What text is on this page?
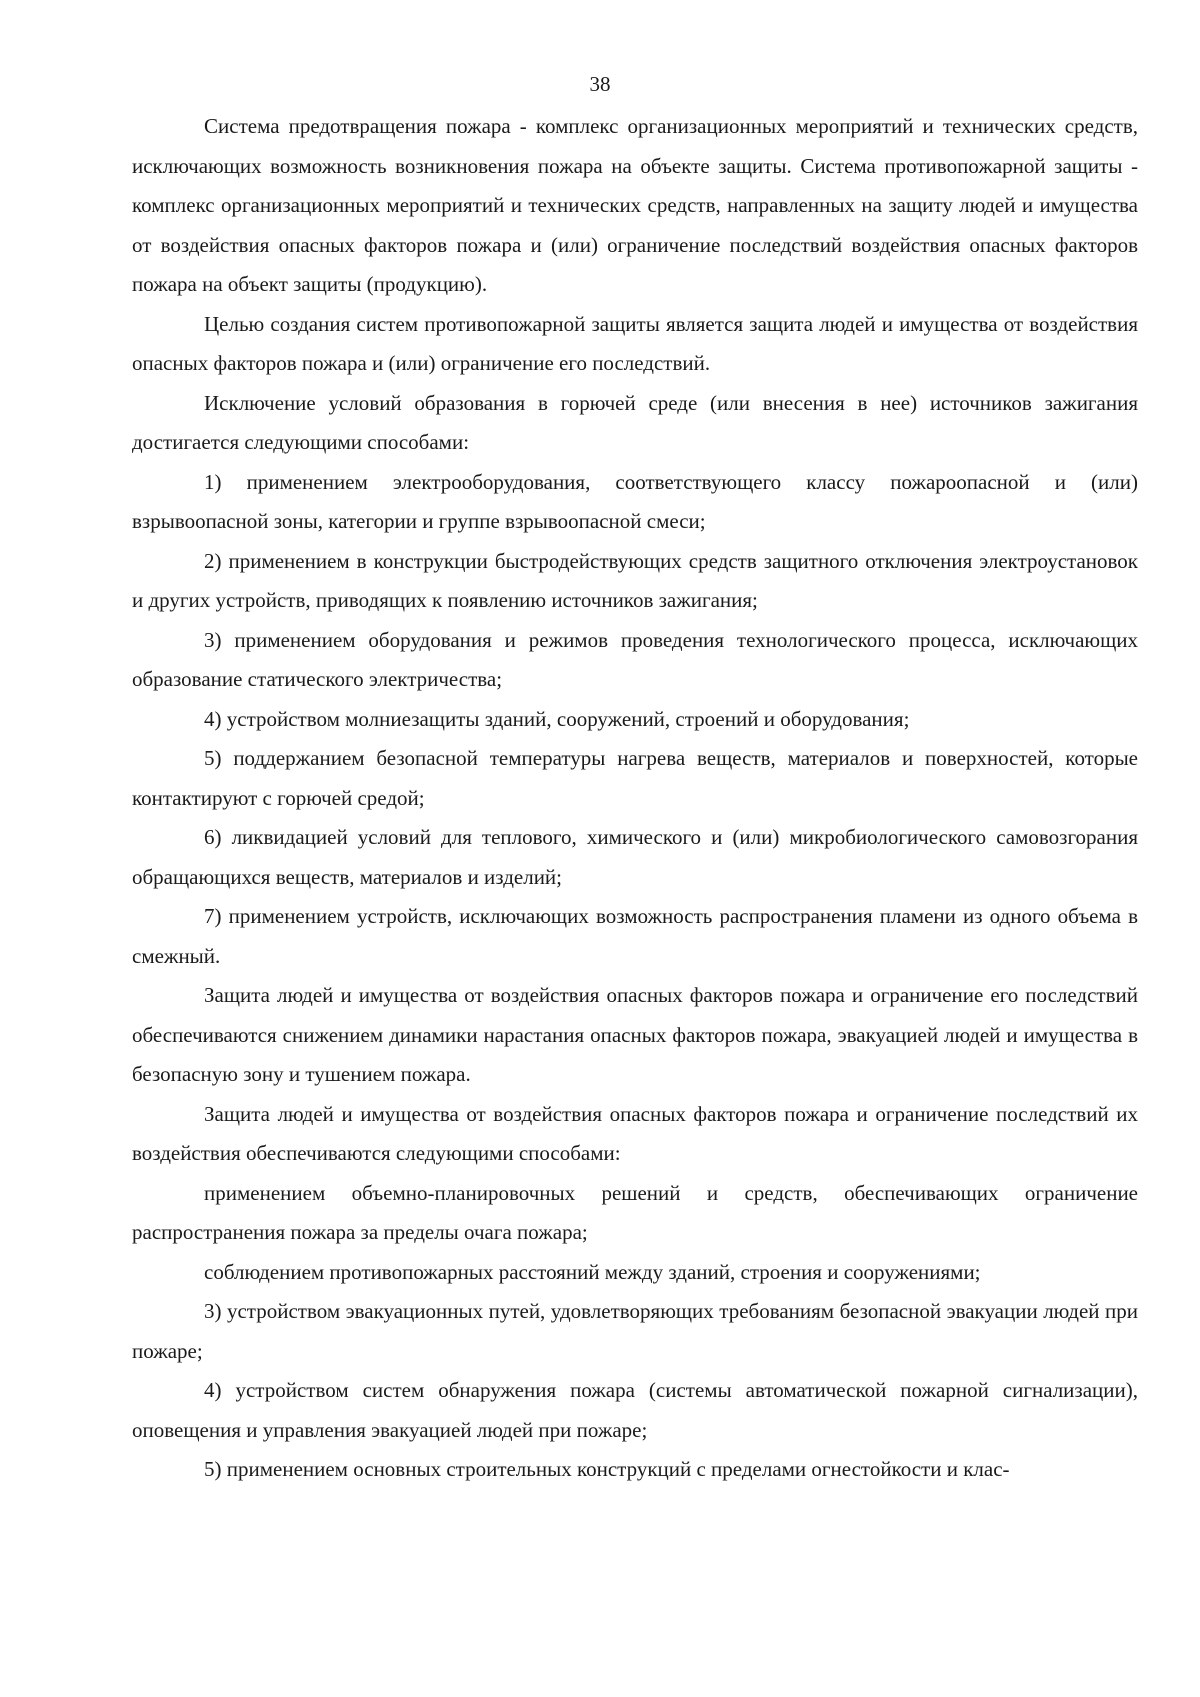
38

Система предотвращения пожара - комплекс организационных мероприятий и технических средств, исключающих возможность возникновения пожара на объекте защиты. Система противопожарной защиты - комплекс организационных мероприятий и технических средств, направленных на защиту людей и имущества от воздействия опасных факторов пожара и (или) ограничение последствий воздействия опасных факторов пожара на объект защиты (продукцию).

Целью создания систем противопожарной защиты является защита людей и имущества от воздействия опасных факторов пожара и (или) ограничение его последствий.

Исключение условий образования в горючей среде (или внесения в нее) источников зажигания достигается следующими способами:

1) применением электрооборудования, соответствующего классу пожароопасной и (или) взрывоопасной зоны, категории и группе взрывоопасной смеси;

2) применением в конструкции быстродействующих средств защитного отключения электроустановок и других устройств, приводящих к появлению источников зажигания;

3) применением оборудования и режимов проведения технологического процесса, исключающих образование статического электричества;

4) устройством молниезащиты зданий, сооружений, строений и оборудования;

5) поддержанием безопасной температуры нагрева веществ, материалов и поверхностей, которые контактируют с горючей средой;

6) ликвидацией условий для теплового, химического и (или) микробиологического самовозгорания обращающихся веществ, материалов и изделий;

7) применением устройств, исключающих возможность распространения пламени из одного объема в смежный.

Защита людей и имущества от воздействия опасных факторов пожара и ограничение его последствий обеспечиваются снижением динамики нарастания опасных факторов пожара, эвакуацией людей и имущества в безопасную зону и тушением пожара.

Защита людей и имущества от воздействия опасных факторов пожара и ограничение последствий их воздействия обеспечиваются следующими способами:

применением объемно-планировочных решений и средств, обеспечивающих ограничение распространения пожара за пределы очага пожара;

соблюдением противопожарных расстояний между зданий, строения и сооружениями;

3) устройством эвакуационных путей, удовлетворяющих требованиям безопасной эвакуации людей при пожаре;

4) устройством систем обнаружения пожара (системы автоматической пожарной сигнализации), оповещения и управления эвакуацией людей при пожаре;

5) применением основных строительных конструкций с пределами огнестойкости и клас-
